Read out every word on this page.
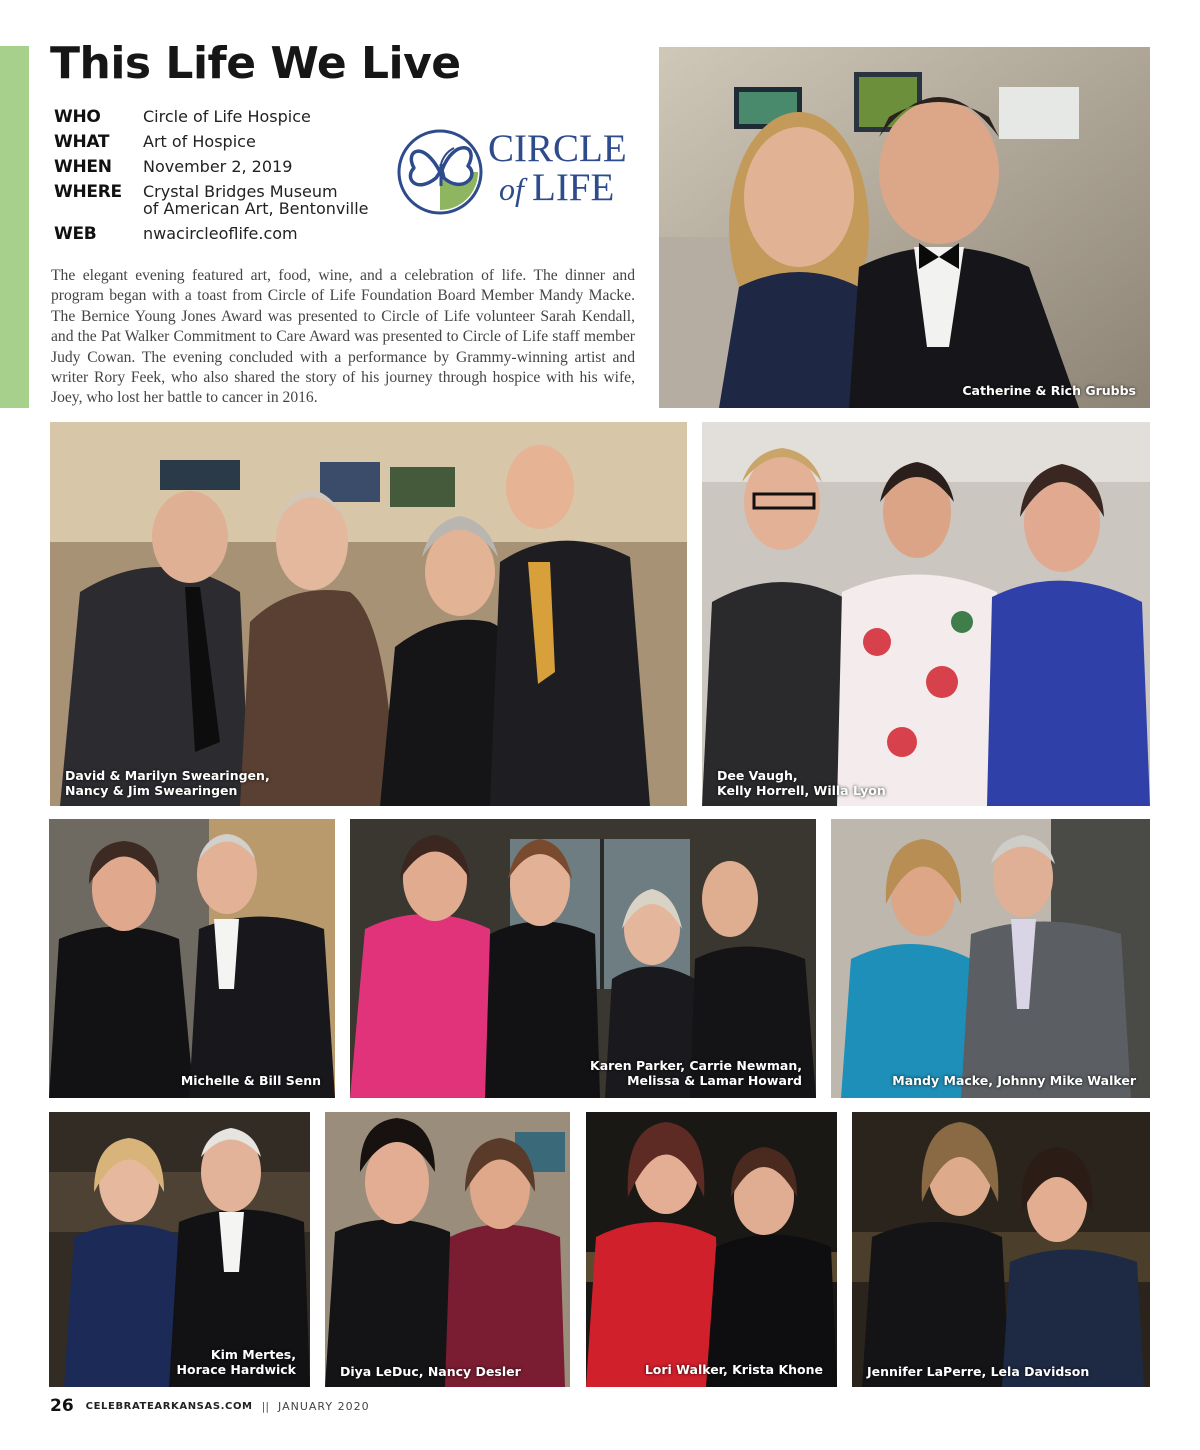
This Life We Live
WHO	Circle of Life Hospice
WHAT	Art of Hospice
WHEN	November 2, 2019
WHERE	Crystal Bridges Museum
of American Art, Bentonville
WEB	nwacircleoflife.com
CIRCLE
of LIFE

The elegant evening featured art, food, wine, and a celebration of life. The dinner and program began with a toast from Circle of Life Foundation Board Member Mandy Macke. The Bernice Young Jones Award was presented to Circle of Life volunteer Sarah Kendall, and the Pat Walker Commitment to Care Award was presented to Circle of Life staff member Judy Cowan. The evening concluded with a performance by Grammy-winning artist and writer Rory Feek, who also shared the story of his journey through hospice with his wife, Joey, who lost her battle to cancer in 2016.	Catherine & Rich Grubbs
David & Marilyn Swearingen,
Nancy & Jim Swearingen
Dee Vaugh,
Kelly Horrell, Willa Lyon
Michelle & Bill Senn
Karen Parker, Carrie Newman,
Melissa & Lamar Howard	Mandy Macke, Johnny Mike Walker
Kim Mertes,
Horace Hardwick	Diya LeDuc, Nancy Desler	Lori Walker, Krista Khone	Jennifer LaPerre, Lela Davidson
26 CELEBRATEARKANSAS.COM || JANUARY 2020
